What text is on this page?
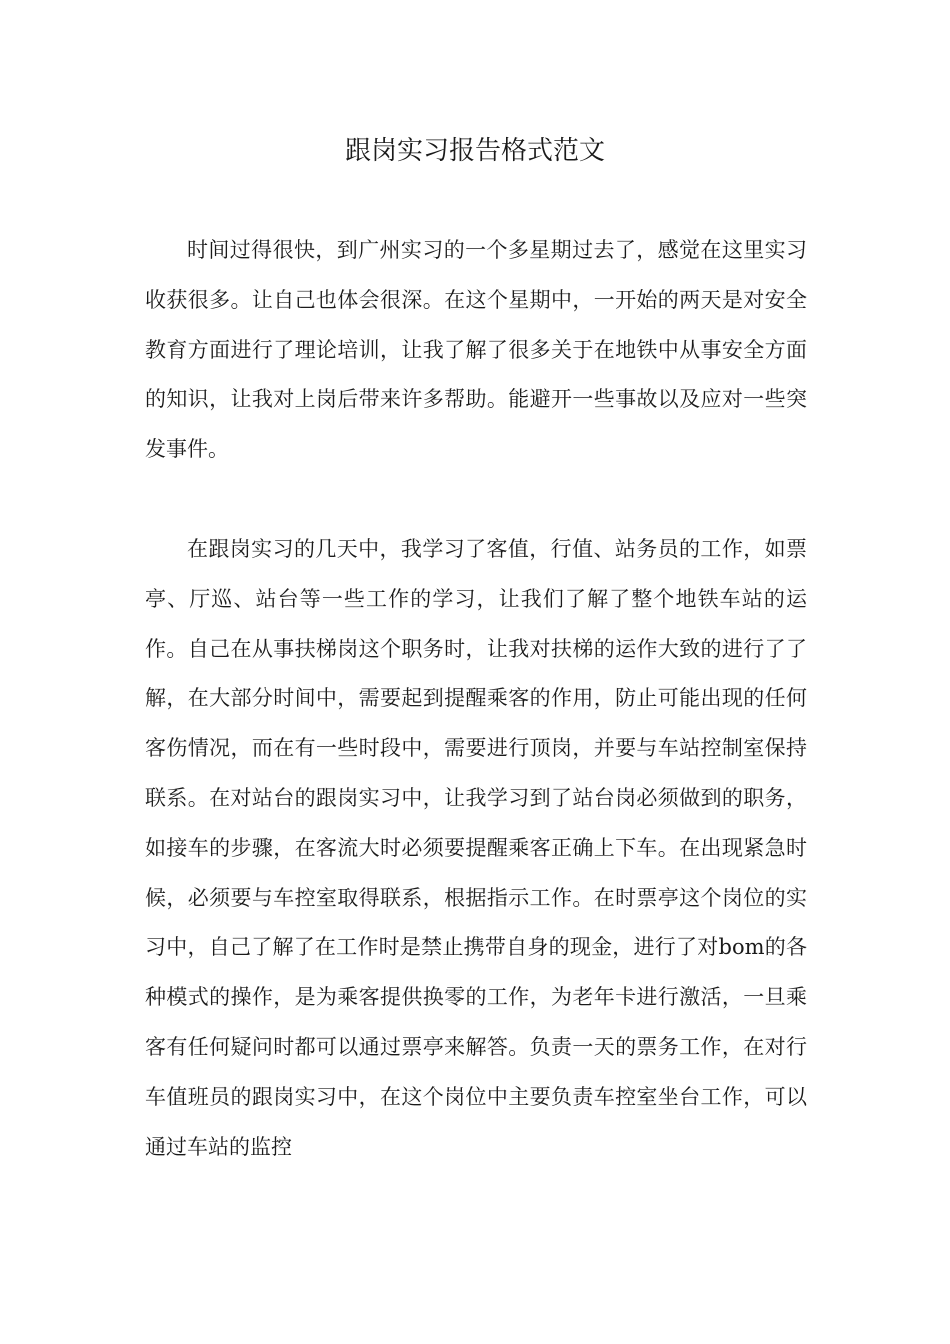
跟岗实习报告格式范文

时间过得很快，到广州实习的一个多星期过去了，感觉在这里实习收获很多。让自己也体会很深。在这个星期中，一开始的两天是对安全教育方面进行了理论培训，让我了解了很多关于在地铁中从事安全方面的知识，让我对上岗后带来许多帮助。能避开一些事故以及应对一些突发事件。

在跟岗实习的几天中，我学习了客值，行值、站务员的工作，如票亭、厅巡、站台等一些工作的学习，让我们了解了整个地铁车站的运作。自己在从事扶梯岗这个职务时，让我对扶梯的运作大致的进行了了解，在大部分时间中，需要起到提醒乘客的作用，防止可能出现的任何客伤情况，而在有一些时段中，需要进行顶岗，并要与车站控制室保持联系。在对站台的跟岗实习中，让我学习到了站台岗必须做到的职务，如接车的步骤，在客流大时必须要提醒乘客正确上下车。在出现紧急时候，必须要与车控室取得联系，根据指示工作。在时票亭这个岗位的实习中，自己了解了在工作时是禁止携带自身的现金，进行了对bom的各种模式的操作，是为乘客提供换零的工作，为老年卡进行激活，一旦乘客有任何疑问时都可以通过票亭来解答。负责一天的票务工作，在对行车值班员的跟岗实习中，在这个岗位中主要负责车控室坐台工作，可以通过车站的监控
